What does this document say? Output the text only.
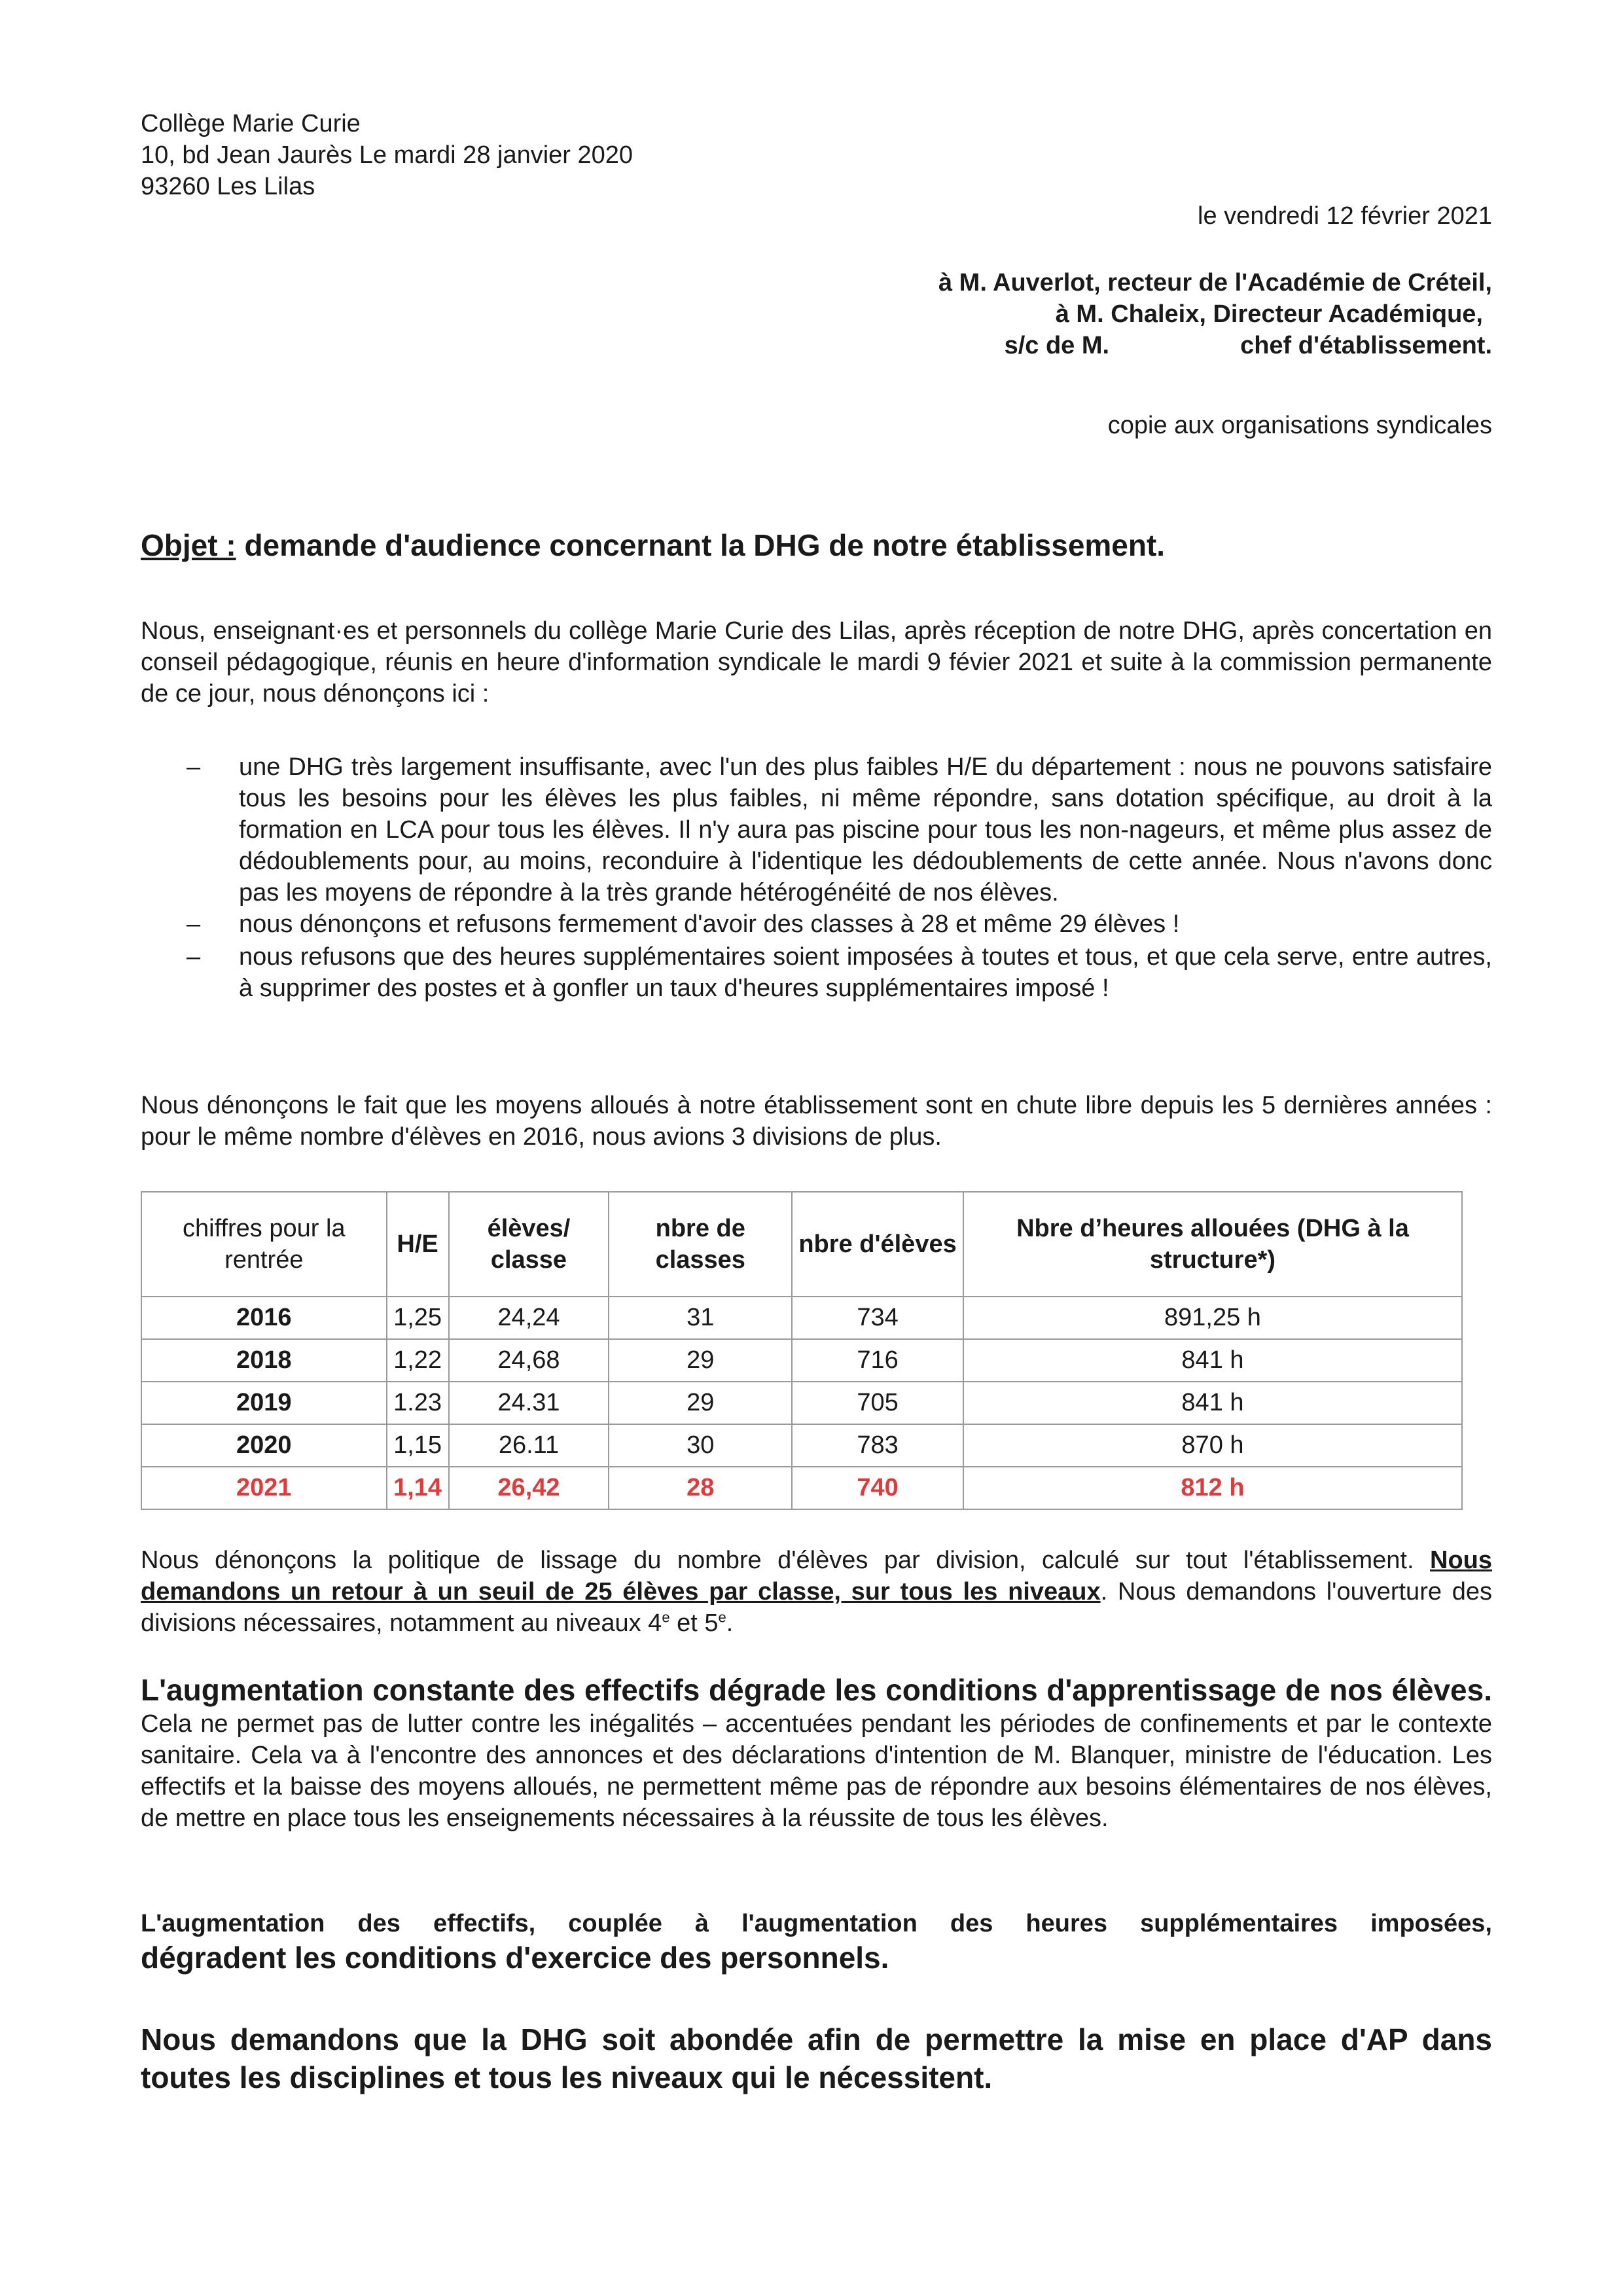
Collège Marie Curie
10, bd Jean Jaurès Le mardi 28 janvier 2020
93260 Les Lilas
le vendredi 12 février 2021
à M. Auverlot, recteur de l'Académie de Créteil,
à M. Chaleix, Directeur Académique,
s/c de M.	chef d'établissement.
copie aux organisations syndicales
Objet : demande d'audience concernant la DHG de notre établissement.
Nous, enseignant·es et personnels du collège Marie Curie des Lilas, après réception de notre DHG, après concertation en conseil pédagogique, réunis en heure d'information syndicale le mardi 9 févier 2021 et suite à la commission permanente de ce jour, nous dénonçons ici :
– une DHG très largement insuffisante, avec l'un des plus faibles H/E du département : nous ne pouvons satisfaire tous les besoins pour les élèves les plus faibles, ni même répondre, sans dotation spécifique, au droit à la formation en LCA pour tous les élèves. Il n'y aura pas piscine pour tous les non-nageurs, et même plus assez de dédoublements pour, au moins, reconduire à l'identique les dédoublements de cette année. Nous n'avons donc pas les moyens de répondre à la très grande hétérogénéité de nos élèves.
– nous dénonçons et refusons fermement d'avoir des classes à 28 et même 29 élèves !
– nous refusons que des heures supplémentaires soient imposées à toutes et tous, et que cela serve, entre autres, à supprimer des postes et à gonfler un taux d'heures supplémentaires imposé !
Nous dénonçons le fait que les moyens alloués à notre établissement sont en chute libre depuis les 5 dernières années : pour le même nombre d'élèves en 2016, nous avions 3 divisions de plus.
chiffres pour la rentrée	H/E	élèves/ classe	nbre de classes	nbre d'élèves	Nbre d’heures allouées (DHG à la structure*)
2016	1,25	24,24	31	734	891,25 h
2018	1,22	24,68	29	716	841 h
2019	1.23	24.31	29	705	841 h
2020	1,15	26.11	30	783	870 h
2021	1,14	26,42	28	740	812 h
Nous dénonçons la politique de lissage du nombre d'élèves par division, calculé sur tout l'établissement. Nous demandons un retour à un seuil de 25 élèves par classe, sur tous les niveaux. Nous demandons l'ouverture des divisions nécessaires, notamment au niveaux 4e et 5e.
L'augmentation constante des effectifs dégrade les conditions d'apprentissage de nos élèves. Cela ne permet pas de lutter contre les inégalités – accentuées pendant les périodes de confinements et par le contexte sanitaire. Cela va à l'encontre des annonces et des déclarations d'intention de M. Blanquer, ministre de l'éducation. Les effectifs et la baisse des moyens alloués, ne permettent même pas de répondre aux besoins élémentaires de nos élèves, de mettre en place tous les enseignements nécessaires à la réussite de tous les élèves.
L'augmentation des effectifs, couplée à l'augmentation des heures supplémentaires imposées,
dégradent les conditions d'exercice des personnels.
Nous demandons que la DHG soit abondée afin de permettre la mise en place d'AP dans toutes les disciplines et tous les niveaux qui le nécessitent.
